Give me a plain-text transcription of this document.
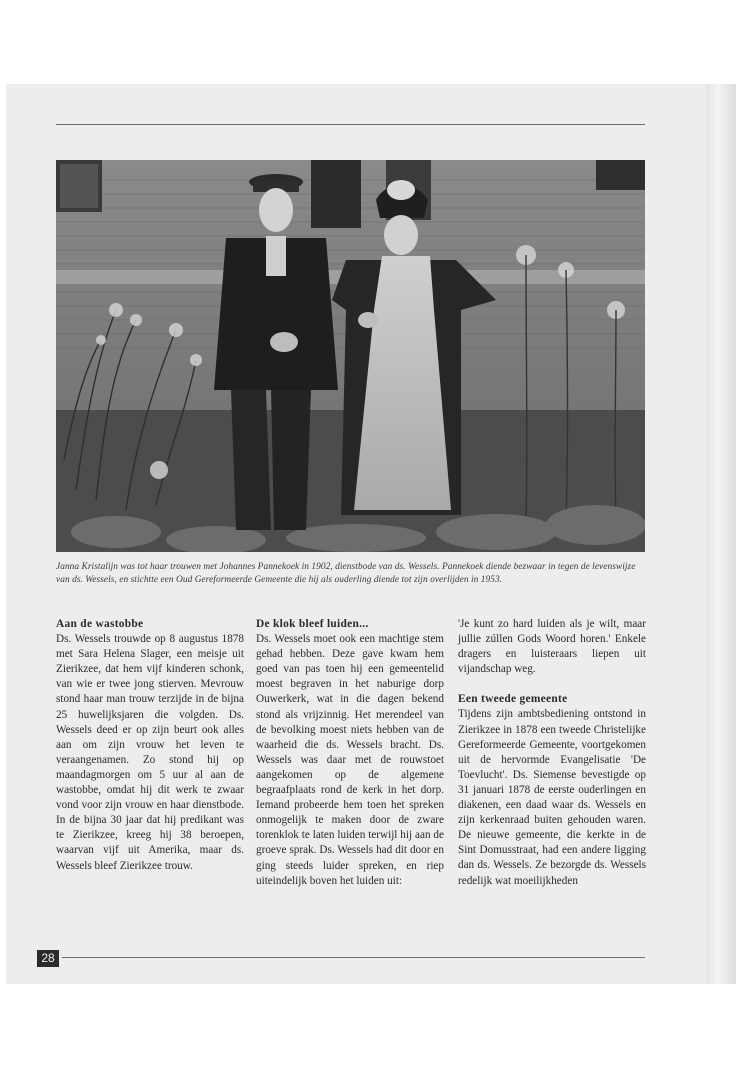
Janna Kristalijn was tot haar trouwen met Johannes Pannekoek in 1902, dienstbode van ds. Wessels. Pannekoek diende bezwaar in tegen de levenswijze van ds. Wessels, en stichtte een Oud Gereformeerde Gemeente die hij als ouderling diende tot zijn overlijden in 1953.
Aan de wastobbe

Ds. Wessels trouwde op 8 augustus 1878 met Sara Helena Slager, een meisje uit Zierikzee, dat hem vijf kinderen schonk, van wie er twee jong stierven. Mevrouw stond haar man trouw terzijde in de bijna 25 huwelijksjaren die volgden. Ds. Wessels deed er op zijn beurt ook alles aan om zijn vrouw het leven te veraangenamen. Zo stond hij op maandagmorgen om 5 uur al aan de wastobbe, omdat hij dit werk te zwaar vond voor zijn vrouw en haar dienstbode. In de bijna 30 jaar dat hij predikant was te Zierikzee, kreeg hij 38 beroepen, waarvan vijf uit Amerika, maar ds. Wessels bleef Zierikzee trouw.

De klok bleef luiden...

Ds. Wessels moet ook een machtige stem gehad hebben. Deze gave kwam hem goed van pas toen hij een gemeentelid moest begraven in het naburige dorp Ouwerkerk, wat in die dagen bekend stond als vrijzinnig. Het merendeel van de bevolking moest niets hebben van de waarheid die ds. Wessels bracht. Ds. Wessels was daar met de rouwstoet aangekomen op de algemene begraafplaats rond de kerk in het dorp. Iemand probeerde hem toen het spreken onmogelijk te maken door de zware torenklok te laten luiden terwijl hij aan de groeve sprak. Ds. Wessels had dit door en ging steeds luider spreken, en riep uiteindelijk boven het luiden uit:

'Je kunt zo hard luiden als je wilt, maar jullie zúllen Gods Woord horen.' Enkele dragers en luisteraars liepen uit vijandschap weg.

Een tweede gemeente

Tijdens zijn ambtsbediening ontstond in Zierikzee in 1878 een tweede Christelijke Gereformeerde Gemeente, voortgekomen uit de hervormde Evangelisatie 'De Toevlucht'. Ds. Siemense bevestigde op 31 januari 1878 de eerste ouderlingen en diakenen, een daad waar ds. Wessels en zijn kerkenraad buiten gehouden waren. De nieuwe gemeente, die kerkte in de Sint Domusstraat, had een andere ligging dan ds. Wessels. Ze bezorgde ds. Wessels redelijk wat moeilijkheden

28
